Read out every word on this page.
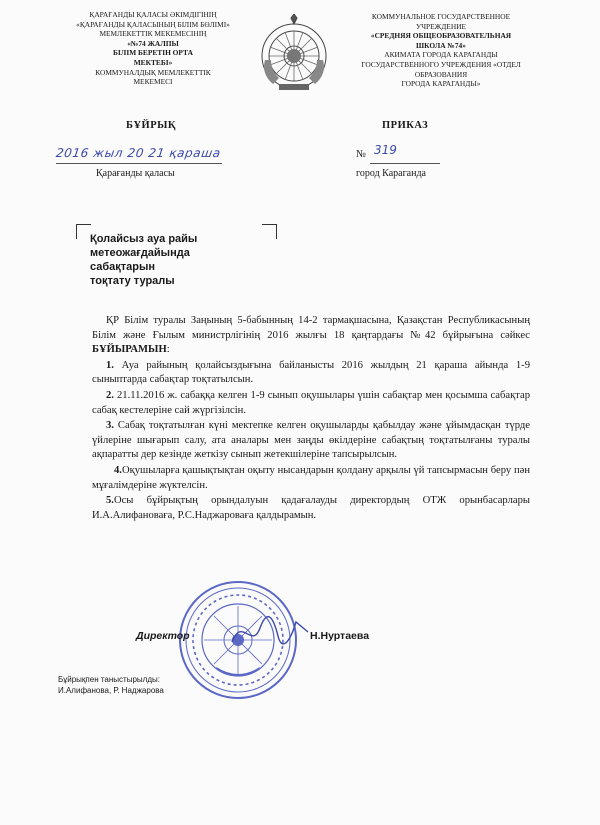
ҚАРАҒАНДЫ ҚАЛАСЫ ӘКІМДІГІНІҢ
«ҚАРАҒАНДЫ ҚАЛАСЫНЫҢ БІЛІМ БӨЛІМІ»
МЕМЛЕКЕТТІК МЕКЕМЕСІНІҢ
«№74 ЖАЛПЫ
БІЛІМ БЕРЕТІН ОРТА
МЕКТЕБІ»
КОММУНАЛДЫҚ МЕМЛЕКЕТТІК
МЕКЕМЕСІ
КОММУНАЛЬНОЕ ГОСУДАРСТВЕННОЕ
УЧРЕЖДЕНИЕ
«СРЕДНЯЯ ОБЩЕОБРАЗОВАТЕЛЬНАЯ
ШКОЛА №74»
АКИМАТА ГОРОДА КАРАГАНДЫ
ГОСУДАРСТВЕННОГО УЧРЕЖДЕНИЯ «ОТДЕЛ
ОБРАЗОВАНИЯ
ГОРОДА КАРАГАНДЫ»
БҰЙРЫҚ	ПРИКАЗ
2016 жыл 20 21 қараша
Қарағанды қаласы
№ 319
город Караганда
Қолайсыз ауа райы
метеожағдайында
сабақтарын
тоқтату туралы

ҚР Білім туралы Заңының 5-бабынның 14-2 тармақшасына, Қазақстан Республикасының Білім және Ғылым министрлігінің 2016 жылғы 18 қаңтардағы №42 бұйрығына сәйкес БҰЙЫРАМЫН:

1. Ауа райының қолайсыздығына байланысты 2016 жылдың 21 қараша айында 1-9 сыныптарда сабақтар тоқтатылсын.

2. 21.11.2016 ж. сабаққа келген 1-9 сынып оқушылары үшін сабақтар мен қосымша сабақтар сабақ кестелеріне сай жүргізілсін.

3. Сабақ тоқтатылған күні мектепке келген оқушыларды қабылдау және ұйымдасқан түрде үйлеріне шығарып салу, ата аналары мен заңды өкілдеріне сабақтың тоқтатылғаны туралы ақпаратты дер кезінде жеткізу сынып жетекшілеріне тапсырылсын.

4.Оқушыларға қашықтықтан оқыту нысандарын қолдану арқылы үй тапсырмасын беру пән мұғалімдеріне жүктелсін.

5.Осы бұйрықтың орындалуын қадағалауды директордың ОТЖ орынбасарлары И.А.Алифановаға, Р.С.Наджароваға қалдырамын.

Директор	Н.Нуртаева
Бұйрықпен таныстырылды:
И.Алифанова, Р. Наджарова
